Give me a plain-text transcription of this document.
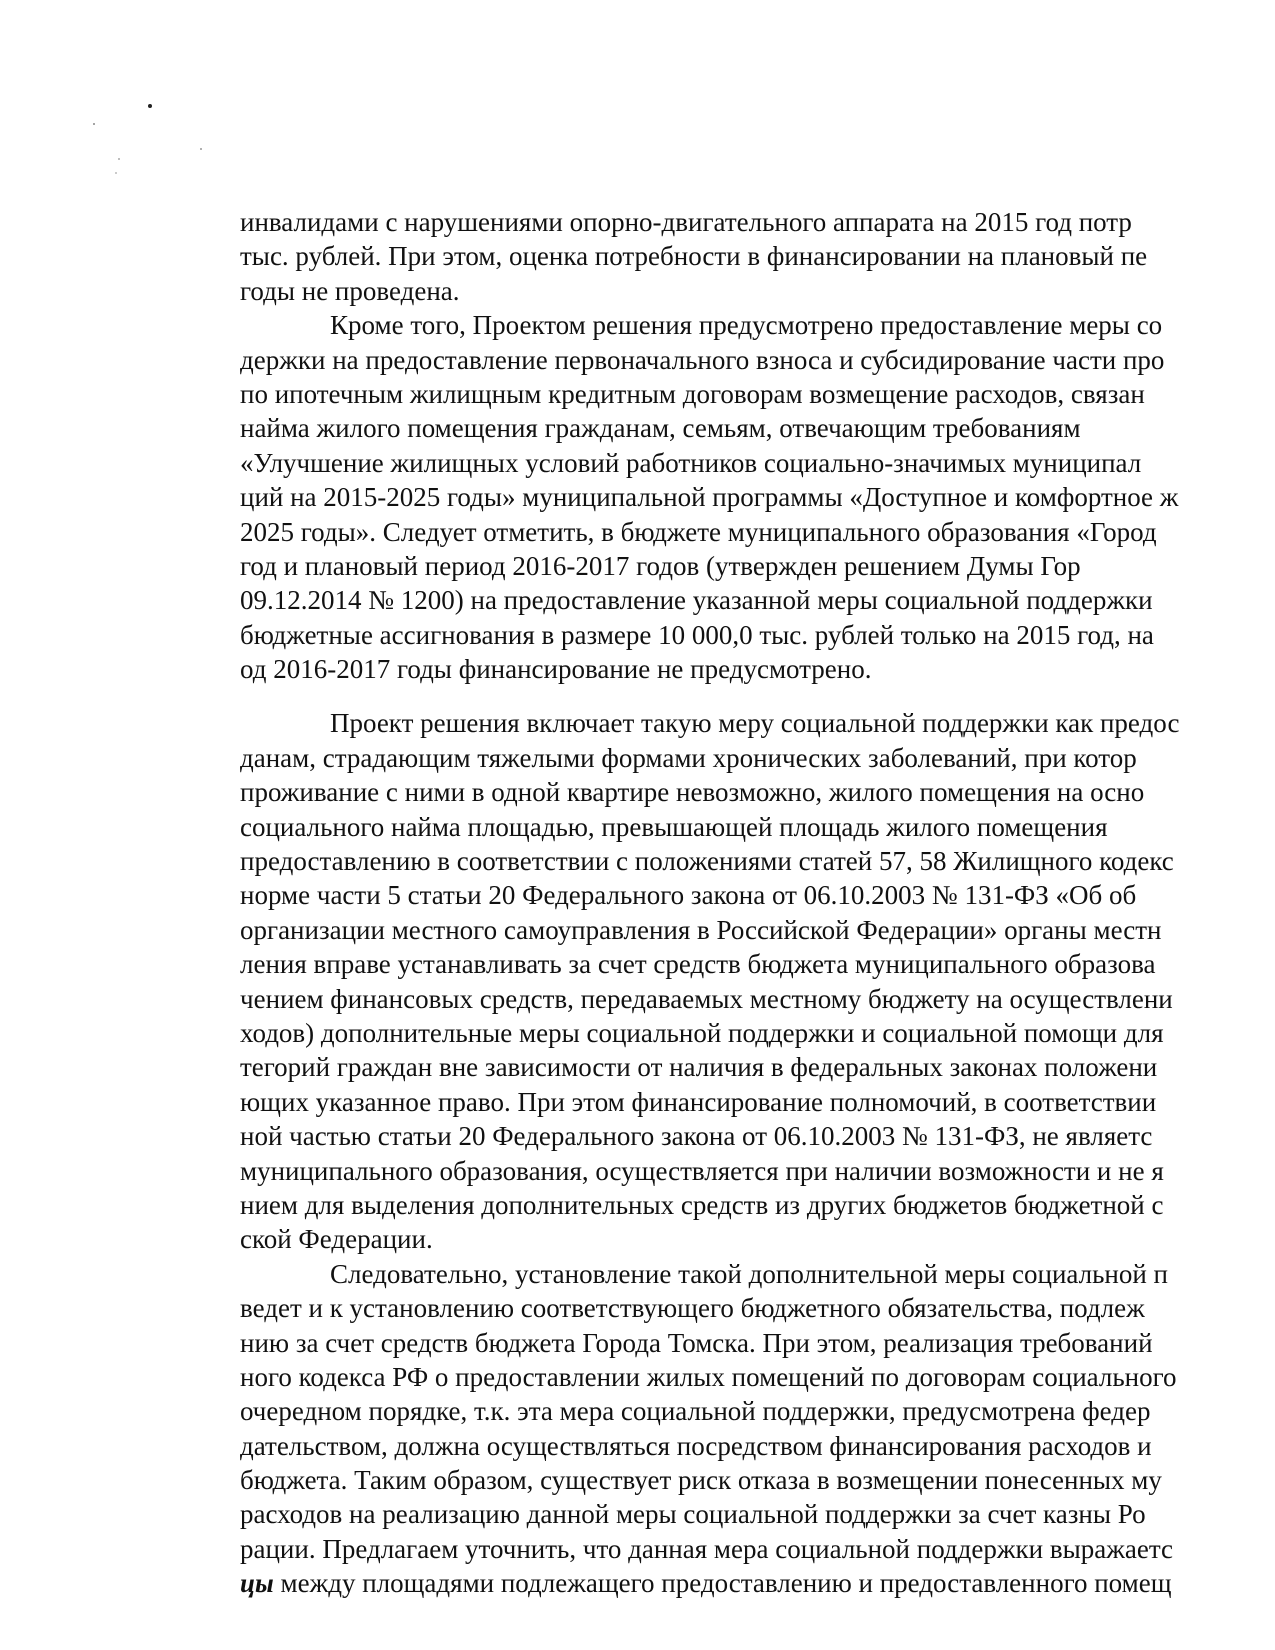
инвалидами с нарушениями опорно-двигательного аппарата на 2015 год потр
тыс. рублей. При этом, оценка потребности в финансировании на плановый пе
годы не проведена.
Кроме того, Проектом решения предусмотрено предоставление меры со
держки на предоставление первоначального взноса и субсидирование части про
по ипотечным жилищным кредитным договорам возмещение расходов, связан
найма жилого помещения гражданам, семьям, отвечающим требованиям
«Улучшение жилищных условий работников социально-значимых муниципал
ций на 2015-2025 годы» муниципальной программы «Доступное и комфортное ж
2025 годы». Следует отметить, в бюджете муниципального образования «Город
год и плановый период 2016-2017 годов (утвержден решением Думы Гор
09.12.2014 № 1200) на предоставление указанной меры социальной поддержки
бюджетные ассигнования в размере 10 000,0 тыс. рублей только на 2015 год, на
од 2016-2017 годы финансирование не предусмотрено.
Проект решения включает такую меру социальной поддержки как предос
данам, страдающим тяжелыми формами хронических заболеваний, при котор
проживание с ними в одной квартире невозможно, жилого помещения на осно
социального найма площадью, превышающей площадь жилого помещения
предоставлению в соответствии с положениями статей 57, 58 Жилищного кодекс
норме части 5 статьи 20 Федерального закона от 06.10.2003 № 131-ФЗ «Об об
организации местного самоуправления в Российской Федерации» органы местн
ления вправе устанавливать за счет средств бюджета муниципального образова
чением финансовых средств, передаваемых местному бюджету на осуществлени
ходов) дополнительные меры социальной поддержки и социальной помощи для
тегорий граждан вне зависимости от наличия в федеральных законах положени
ющих указанное право. При этом финансирование полномочий, в соответствии
ной частью статьи 20 Федерального закона от 06.10.2003 № 131-ФЗ, не являетс
муниципального образования, осуществляется при наличии возможности и не я
нием для выделения дополнительных средств из других бюджетов бюджетной с
ской Федерации.
Следовательно, установление такой дополнительной меры социальной п
ведет и к установлению соответствующего бюджетного обязательства, подлеж
нию за счет средств бюджета Города Томска. При этом, реализация требований
ного кодекса РФ о предоставлении жилых помещений по договорам социального
очередном порядке, т.к. эта мера социальной поддержки, предусмотрена федер
дательством, должна осуществляться посредством финансирования расходов и
бюджета. Таким образом, существует риск отказа в возмещении понесенных му
расходов на реализацию данной меры социальной поддержки за счет казны Ро
рации. Предлагаем уточнить, что данная мера социальной поддержки выражаетс
цы между площадями подлежащего предоставлению и предоставленного помещ
